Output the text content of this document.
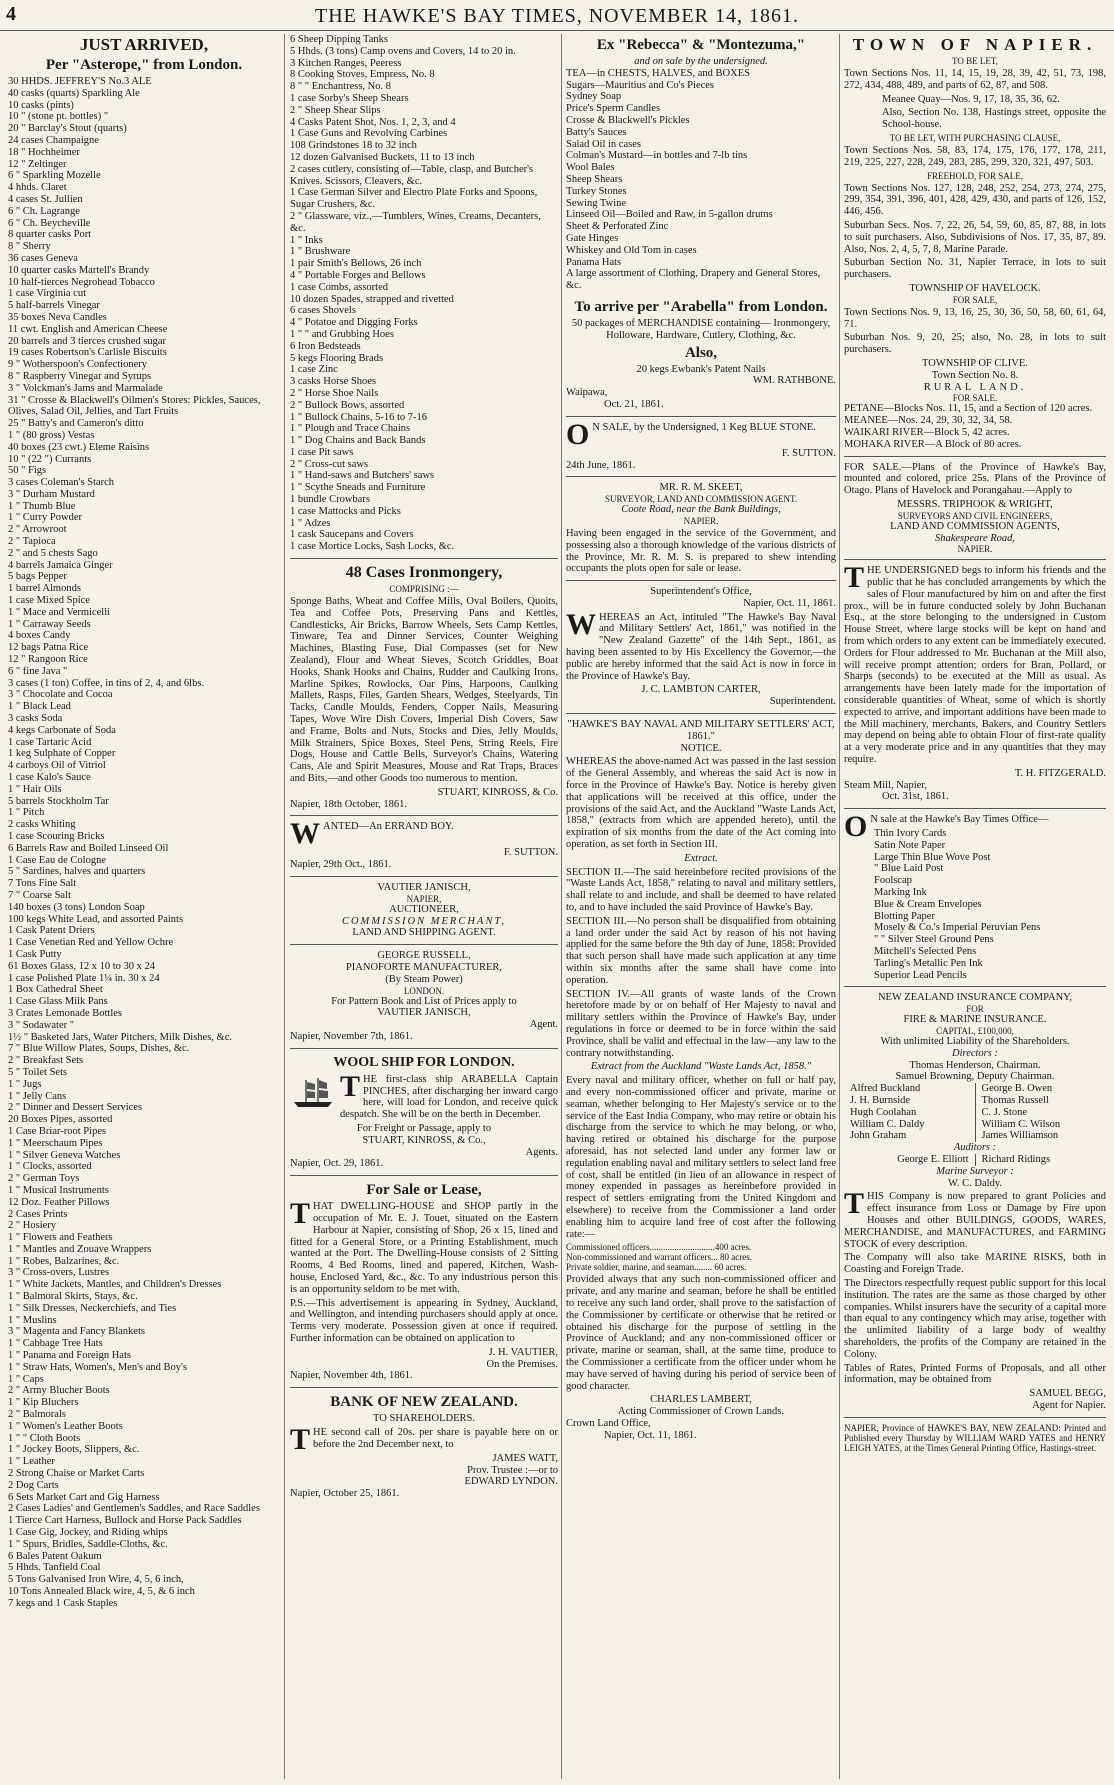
4	THE HAWKE'S BAY TIMES, NOVEMBER 14, 1861.
JUST ARRIVED,
Per "Asterope," from London.
30 HHDS. JEFFREY'S No.3 ALE
40 casks (quarts) Sparkling Ale
10 casks (pints)
10 " (stone pt. bottles) "
20 " Barclay's Stout (quarts)
24 cases Champaigne
18 " Hochheimer
12 " Zeltinger
6 " Sparkling Mozelle
4 hhds. Claret
4 cases St. Jullien
6 " Ch. Lagrange
6 " Ch. Beycheville
8 quarter casks Port
8 " Sherry
36 cases Geneva
10 quarter casks Martell's Brandy
10 half-tierces Negrohead Tobacco
1 case Virginia cut
5 half-barrels Vinegar
35 boxes Neva Candles
11 cwt. English and American Cheese
20 barrels and 3 tierces crushed sugar
19 cases Robertson's Carlisle Biscuits
9 " Wotherspoon's Confectionery
8 " Raspberry Vinegar and Syrups
3 " Volckman's Jams and Marmalade
31 " Crosse & Blackwell's Oilmen's Stores: Pickles, Sauces, Olives, Salad Oil, Jellies, and Tart Fruits
25 " Batty's and Cameron's ditto
1 " (80 gross) Vestas
40 boxes (23 cwt.) Eleme Raisins
10 " (22 ") Currants
50 " Figs
3 cases Coleman's Starch
3 " Durham Mustard
1 " Thumb Blue
1 " Curry Powder
2 " Arrowroot
2 " Tapioca
2 " and 5 chests Sago
4 barrels Jamaica Ginger
5 bags Pepper
1 barrel Almonds
1 case Mixed Spice
1 " Mace and Vermicelli
1 " Carraway Seeds
4 boxes Candy
12 bags Patna Rice
12 " Rangoon Rice
6 " fine Java "
3 cases (1 ton) Coffee, in tins of 2, 4, and 6lbs.
3 " Chocolate and Cocoa
1 " Black Lead
3 casks Soda
4 kegs Carbonate of Soda
1 case Tartaric Acid
1 keg Sulphate of Copper
4 carboys Oil of Vitriol
1 case Kalo's Sauce
1 " Hair Oils
5 barrels Stockholm Tar
1 " Pitch
2 casks Whiting
1 case Scouring Bricks
6 Barrels Raw and Boiled Linseed Oil
1 Case Eau de Cologne
5 " Sardines, halves and quarters
7 Tons Fine Salt
7 " Coarse Salt
140 boxes (3 tons) London Soap
100 kegs White Lead, and assorted Paints
1 Cask Patent Driers
1 Case Venetian Red and Yellow Ochre
1 Cask Putty
61 Boxes Glass, 12 x 10 to 30 x 24
1 case Polished Plate 1¼ in. 30 x 24
1 Box Cathedral Sheet
1 Case Glass Milk Pans
3 Crates Lemonade Bottles
3 " Sodawater "
1½ " Basketed Jars, Water Pitchers, Milk Dishes, &c.
7 " Blue Willow Plates, Soups, Dishes, &c.
2 " Breakfast Sets
5 " Toilet Sets
1 " Jugs
1 " Jelly Cans
2 " Dinner and Dessert Services
20 Boxes Pipes, assorted
1 Case Briar-root Pipes
1 " Meerschaum Pipes
1 " Silver Geneva Watches
1 " Clocks, assorted
2 " German Toys
1 " Musical Instruments
12 Doz. Feather Pillows
2 Cases Prints
2 " Hosiery
1 " Flowers and Feathers
1 " Mantles and Zouave Wrappers
1 " Robes, Balzarines, &c.
3 " Cross-overs, Lustres
1 " White Jackets, Mantles, and Children's Dresses
1 " Balmoral Skirts, Stays, &c.
1 " Silk Dresses, Neckerchiefs, and Ties
1 " Muslins
3 " Magenta and Fancy Blankets
1 " Cabbage Tree Hats
1 " Panama and Foreign Hats
1 " Straw Hats, Women's, Men's and Boy's
1 " Caps
2 " Army Blucher Boots
1 " Kip Bluchers
2 " Balmorals
1 " Women's Leather Boots
1 " " Cloth Boots
1 " Jockey Boots, Slippers, &c.
1 " Leather
2 Strong Chaise or Market Carts
2 Dog Carts
6 Sets Market Cart and Gig Harness
2 Cases Ladies' and Gentlemen's Saddles, and Race Saddles
1 Tierce Cart Harness, Bullock and Horse Pack Saddles
1 Case Gig, Jockey, and Riding whips
1 " Spurs, Bridles, Saddle-Cloths, &c.
6 Bales Patent Oakum
5 Hhds. Tanfield Coal
5 Tons Galvanised Iron Wire, 4, 5, 6 inch,
10 Tons Annealed Black wire, 4, 5, & 6 inch
7 kegs and 1 Cask Staples
6 Sheep Dipping Tanks
5 Hhds. (3 tons) Camp ovens and Covers, 14 to 20 in.
3 Kitchen Ranges, Peeress
8 Cooking Stoves, Empress, No. 8
8 " " Enchantress, No. 8
1 case Sorby's Sheep Shears
2 " Sheep Shear Slips
4 Casks Patent Shot, Nos. 1, 2, 3, and 4
1 Case Guns and Revolving Carbines
108 Grindstones 18 to 32 inch
12 dozen Galvanised Buckets, 11 to 13 inch
2 cases cutlery, consisting of—Table, clasp, and Butcher's Knives. Scissors, Cleavers, &c.
1 Case German Silver and Electro Plate Forks and Spoons, Sugar Crushers, &c.
2 " Glassware, viz.,—Tumblers, Wines, Creams, Decanters, &c.
1 " Inks
1 " Brushware
1 pair Smith's Bellows, 26 inch
4 " Portable Forges and Bellows
1 case Combs, assorted
10 dozen Spades, strapped and rivetted
6 cases Shovels
4 " Potatoe and Digging Forks
1 " " and Grubbing Hoes
6 Iron Bedsteads
5 kegs Flooring Brads
1 case Zinc
3 casks Horse Shoes
2 " Horse Shoe Nails
2 " Bullock Bows, assorted
1 " Bullock Chains, 5-16 to 7-16
1 " Plough and Trace Chains
1 " Dog Chains and Back Bands
1 case Pit saws
2 " Cross-cut saws
1 " Hand-saws and Butchers' saws
1 " Scythe Sneads and Furniture
1 bundle Crowbars
1 case Mattocks and Picks
1 " Adzes
1 cask Saucepans and Covers
1 case Mortice Locks, Sash Locks, &c.
48 Cases Ironmongery,
COMPRISING :—

Sponge Baths, Wheat and Coffee Mills, Oval Boilers, Quoits, Tea and Coffee Pots, Preserving Pans and Kettles, Candlesticks, Air Bricks, Barrow Wheels, Sets Camp Kettles, Tinware, Tea and Dinner Services, Counter Weighing Machines, Blasting Fuse, Dial Compasses (set for New Zealand), Flour and Wheat Sieves, Scotch Griddles, Boat Hooks, Shank Hooks and Chains, Rudder and Caulking Irons, Marline Spikes, Rowlocks, Oar Pins, Harpoons, Caulking Mallets, Rasps, Files, Garden Shears, Wedges, Steelyards, Tin Tacks, Candle Moulds, Fenders, Copper Nails, Measuring Tapes, Wove Wire Dish Covers, Imperial Dish Covers, Saw and Frame, Bolts and Nuts, Stocks and Dies, Jelly Moulds, Milk Strainers, Spice Boxes, Steel Pens, String Reels, Fire Dogs, House and Cattle Bells, Surveyor's Chains, Watering Cans, Ale and Spirit Measures, Mouse and Rat Traps, Braces and Bits,—and other Goods too numerous to mention.

STUART, KINROSS, & Co.
Napier, 18th October, 1861.
W ANTED—An ERRAND BOY.

F. SUTTON.
Napier, 29th Oct., 1861.
VAUTIER JANISCH,
NAPIER,
AUCTIONEER,
COMMISSION MERCHANT,
LAND AND SHIPPING AGENT.
GEORGE RUSSELL,
PIANOFORTE MANUFACTURER,
(By Steam Power)
LONDON.
For Pattern Book and List of Prices apply to
VAUTIER JANISCH,
Agent.
Napier, November 7th, 1861.
WOOL SHIP FOR LONDON.
T HE first-class ship ARABELLA Captain PINCHES, after discharging her inward cargo here, will load for London, and receive quick despatch. She will be on the berth in December.

For Freight or Passage, apply to
STUART, KINROSS, & Co.,
Agents.
Napier, Oct. 29, 1861.
For Sale or Lease,
T HAT DWELLING-HOUSE and SHOP partly in the occupation of Mr. E. J. Touet, situated on the Eastern Harbour at Napier, consisting of Shop, 26 x 15, lined and fitted for a General Store, or a Printing Establishment, much wanted at the Port. The Dwelling-House consists of 2 Sitting Rooms, 4 Bed Rooms, lined and papered, Kitchen, Wash-house, Enclosed Yard, &c., &c. To any industrious person this is an opportunity seldom to be met with.

P.S.—This advertisement is appearing in Sydney, Auckland, and Wellington, and intending purchasers should apply at once. Terms very moderate. Possession given at once if required. Further information can be obtained on application to

J. H. VAUTIER,
On the Premises.
Napier, November 4th, 1861.
BANK OF NEW ZEALAND.
TO SHAREHOLDERS.
T HE second call of 20s. per share is payable here on or before the 2nd December next, to

JAMES WATT,
Prov. Trustee :—or to
EDWARD LYNDON.
Napier, October 25, 1861.
Ex "Rebecca" & "Montezuma,"
and on sale by the undersigned.
TEA—in CHESTS, HALVES, and BOXES
Sugars—Mauritius and Co's Pieces
Sydney Soap
Price's Sperm Candles
Crosse & Blackwell's Pickles
Batty's Sauces
Salad Oil in cases
Colman's Mustard—in bottles and 7-lb tins
Wool Bales
Sheep Shears
Turkey Stones
Sewing Twine
Linseed Oil—Boiled and Raw, in 5-gallon drums
Sheet & Perforated Zinc
Gate Hinges
Whiskey and Old Tom in cases
Panama Hats
A large assortment of Clothing, Drapery and General Stores, &c.
To arrive per "Arabella" from London.

50 packages of MERCHANDISE containing— Ironmongery, Holloware, Hardware, Cutlery, Clothing, &c.

Also,
20 kegs Ewbank's Patent Nails
WM. RATHBONE.
Waipawa,
Oct. 21, 1861.
O N SALE, by the Undersigned, 1 Keg BLUE STONE.

F. SUTTON.
24th June, 1861.
MR. R. M. SKEET,
SURVEYOR, LAND AND COMMISSION AGENT.
Coote Road, near the Bank Buildings,
NAPIER.

Having been engaged in the service of the Government, and possessing also a thorough knowledge of the various districts of the Province, Mr. R. M. S. is prepared to shew intending occupants the plots open for sale or lease.

Superintendent's Office,
Napier, Oct. 11, 1861.
W HEREAS an Act, intituled "The Hawke's Bay Naval and Military Settlers' Act, 1861," was notified in the "New Zealand Gazette" of the 14th Sept., 1861, as having been assented to by His Excellency the Governor,—the public are hereby informed that the said Act is now in force in the Province of Hawke's Bay.

J. C. LAMBTON CARTER,
Superintendent.
"HAWKE'S BAY NAVAL AND MILITARY SETTLERS' ACT, 1861."
NOTICE.

WHEREAS the above-named Act was passed in the last session of the General Assembly, and whereas the said Act is now in force in the Province of Hawke's Bay. Notice is hereby given that applications will be received at this office, under the provisions of the said Act, and the Auckland "Waste Lands Act, 1858," (extracts from which are appended hereto), until the expiration of six months from the date of the Act coming into operation, as set forth in Section III.

Extract.

SECTION II.—The said hereinbefore recited provisions of the "Waste Lands Act, 1858," relating to naval and military settlers, shall relate to and include, and shall be deemed to have related to, and to have included the said Province of Hawke's Bay.

SECTION III.—No person shall be disqualified from obtaining a land order under the said Act by reason of his not having applied for the same before the 9th day of June, 1858: Provided that such person shall have made such application at any time within six months after the same shall have come into operation.

SECTION IV.—All grants of waste lands of the Crown heretofore made by or on behalf of Her Majesty to naval and military settlers within the Province of Hawke's Bay, under regulations in force or deemed to be in force within the said Province, shall be valid and effectual in the law—any law to the contrary notwithstanding.

Extract from the Auckland "Waste Lands Act, 1858."

Every naval and military officer, whether on full or half pay, and every non-commissioned officer and private, marine or seaman, whether belonging to Her Majesty's service or to the service of the East India Company, who may retire or obtain his discharge from the service to which he may belong, or who, having retired or obtained his discharge for the purpose aforesaid, has not selected land under any former law or regulation enabling naval and military settlers to select land free of cost, shall be entitled (in lieu of an allowance in respect of money expended in passages as hereinbefore provided in respect of settlers emigrating from the United Kingdom and elsewhere) to receive from the Commissioner a land order enabling him to acquire land free of cost after the following rate:—

Commissioned officers.............................400 acres.
Non-commissioned and warrant officers... 80 acres.
Private soldier, marine, and seaman........ 60 acres.

Provided always that any such non-commissioned officer and private, and any marine and seaman, before he shall be entitled to receive any such land order, shall prove to the satisfaction of the Commissioner by certificate or otherwise that he retired or obtained his discharge for the purpose of settling in the Province of Auckland; and any non-commissioned officer or private, marine or seaman, shall, at the same time, produce to the Commissioner a certificate from the officer under whom he may have served of having during his period of service been of good character.

CHARLES LAMBERT,
Acting Commissioner of Crown Lands.
Crown Land Office,
Napier, Oct. 11, 1861.
TOWN OF NAPIER.
TO BE LET,

Town Sections Nos. 11, 14, 15, 19, 28, 39, 42, 51, 73, 198, 272, 434, 488, 489, and parts of 62, 87, and 508.

Meanee Quay—Nos. 9, 17, 18, 35, 36, 62.

Also, Section No. 138, Hastings street, opposite the School-house.

TO BE LET, WITH PURCHASING CLAUSE,

Town Sections Nos. 58, 83, 174, 175, 176, 177, 178, 211, 219, 225, 227, 228, 249, 283, 285, 299, 320, 321, 497, 503.

FREEHOLD, FOR SALE,

Town Sections Nos. 127, 128, 248, 252, 254, 273, 274, 275, 299, 354, 391, 396, 401, 428, 429, 430, and parts of 126, 152, 446, 456.

Suburban Secs. Nos. 7, 22, 26, 54, 59, 60, 85, 87, 88, in lots to suit purchasers. Also, Subdivisions of Nos. 17, 35, 87, 89. Also, Nos. 2, 4, 5, 7, 8, Marine Parade.

Suburban Section No. 31, Napier Terrace, in lots to suit purchasers.

TOWNSHIP OF HAVELOCK.
FOR SALE,

Town Sections Nos. 9, 13, 16, 25, 30, 36, 50, 58, 60, 61, 64, 71.

Suburban Nos. 9, 20, 25; also, No. 28, in lots to suit purchasers.

TOWNSHIP OF CLIVE.
Town Section No. 8.
RURAL LAND.
FOR SALE.
PETANE—Blocks Nos. 11, 15, and a Section of 120 acres.
MEANEE—Nos. 24, 29, 30, 32, 34, 58.
WAIKARI RIVER—Block 5, 42 acres.
MOHAKA RIVER—A Block of 80 acres.

FOR SALE.—Plans of the Province of Hawke's Bay, mounted and colored, price 25s. Plans of the Province of Otago. Plans of Havelock and Porangahau.—Apply to

MESSRS. TRIPHOOK & WRIGHT,
SURVEYORS AND CIVIL ENGINEERS,
LAND AND COMMISSION AGENTS,
Shakespeare Road,
NAPIER.
T HE UNDERSIGNED begs to inform his friends and the public that he has concluded arrangements by which the sales of Flour manufactured by him on and after the first prox., will be in future conducted solely by John Buchanan Esq., at the store belonging to the undersigned in Custom House Street, where large stocks will be kept on hand and from which orders to any extent can be immediately executed. Orders for Flour addressed to Mr. Buchanan at the Mill also, will receive prompt attention; orders for Bran, Pollard, or Sharps (seconds) to be executed at the Mill as usual. As arrangements have been lately made for the importation of considerable quantities of Wheat, some of which is shortly expected to arrive, and important additions have been made to the Mill machinery, merchants, Bakers, and Country Settlers may depend on being able to obtain Flour of first-rate quality at a very moderate price and in any quantities that they may require.

T. H. FITZGERALD.
Steam Mill, Napier,
Oct. 31st, 1861.
O N sale at the Hawke's Bay Times Office—

Thin Ivory Cards
Satin Note Paper
Large Thin Blue Wove Post
" Blue Laid Post
Foolscap
Marking Ink
Blue & Cream Envelopes
Blotting Paper
Mosely & Co.'s Imperial Peruvian Pens
" " Silver Steel Ground Pens
Mitchell's Selected Pens
Tarling's Metallic Pen Ink
Superior Lead Pencils
NEW ZEALAND INSURANCE COMPANY,
FOR
FIRE & MARINE INSURANCE.
CAPITAL, £100,000,
With unlimited Liability of the Shareholders.
Directors :
Thomas Henderson, Chairman.
Samuel Browning, Deputy Chairman.
Alfred Buckland
J. H. Burnside
Hugh Coolahan
William C. Daldy
John Graham
George B. Owen
Thomas Russell
C. J. Stone
William C. Wilson
James Williamson
Auditors :
George E. Elliott	Richard Ridings
Marine Surveyor :
W. C. Daldy.
T HIS Company is now prepared to grant Policies and effect insurance from Loss or Damage by Fire upon Houses and other BUILDINGS, GOODS, WARES, MERCHANDISE, and MANUFACTURES, and FARMING STOCK of every description.

The Company will also take MARINE RISKS, both in Coasting and Foreign Trade.

The Directors respectfully request public support for this local institution. The rates are the same as those charged by other companies. Whilst insurers have the security of a capital more than equal to any contingency which may arise, together with the unlimited liability of a large body of wealthy shareholders, the profits of the Company are retained in the Colony.

Tables of Rates, Printed Forms of Proposals, and all other information, may be obtained from

SAMUEL BEGG,
Agent for Napier.

NAPIER, Province of HAWKE'S BAY, NEW ZEALAND: Printed and Published every Thursday by WILLIAM WARD YATES and HENRY LEIGH YATES, at the Times General Printing Office, Hastings-street.
